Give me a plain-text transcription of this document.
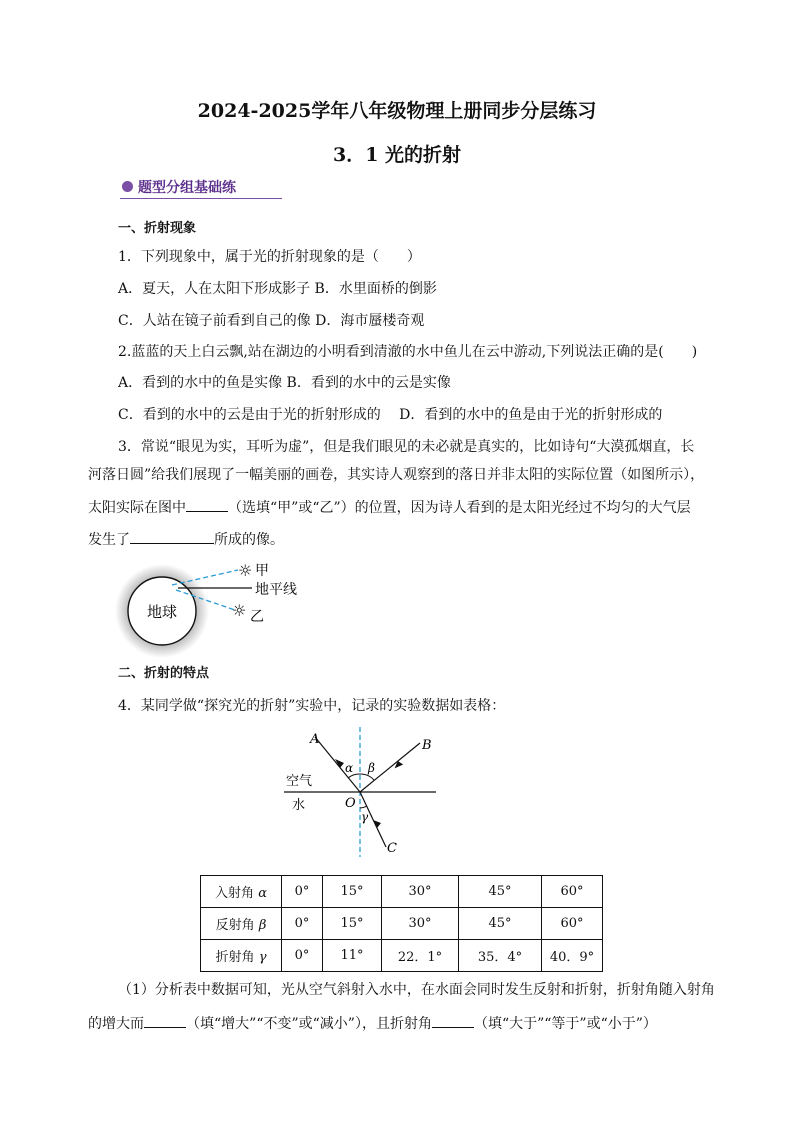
2024-2025学年八年级物理上册同步分层练习
3．1 光的折射
题型分组基础练
一、折射现象
1．下列现象中，属于光的折射现象的是（　　）
A．夏天，人在太阳下形成影子 B．水里面桥的倒影
C．人站在镜子前看到自己的像 D．海市蜃楼奇观
2.蓝蓝的天上白云飘,站在湖边的小明看到清澈的水中鱼儿在云中游动,下列说法正确的是(　　)
A．看到的水中的鱼是实像 B．看到的水中的云是实像
C．看到的水中的云是由于光的折射形成的　 D．看到的水中的鱼是由于光的折射形成的
3．常说“眼见为实，耳听为虚”，但是我们眼见的未必就是真实的，比如诗句“大漠孤烟直，长
河落日圆”给我们展现了一幅美丽的画卷，其实诗人观察到的落日并非太阳的实际位置（如图所示），
太阳实际在图中	（选填“甲”或“乙”）的位置，因为诗人看到的是太阳光经过不均匀的大气层
发生了	所成的像。
地球
☼ 甲
地平线
☼ 乙
二、折射的特点
4．某同学做“探究光的折射”实验中，记录的实验数据如表格：
A	B
C
O
α β
γ
空气
水
入射角 α	0°	15°	30°	45°	60°
反射角 β	0°	15°	30°	45°	60°
折射角 γ	0°	11°	22．1°	35．4°	40．9°
（1）分析表中数据可知，光从空气斜射入水中，在水面会同时发生反射和折射，折射角随入射角
的增大而	（填“增大”“不变”或“减小”），且折射角	（填“大于”“等于”或“小于”）
